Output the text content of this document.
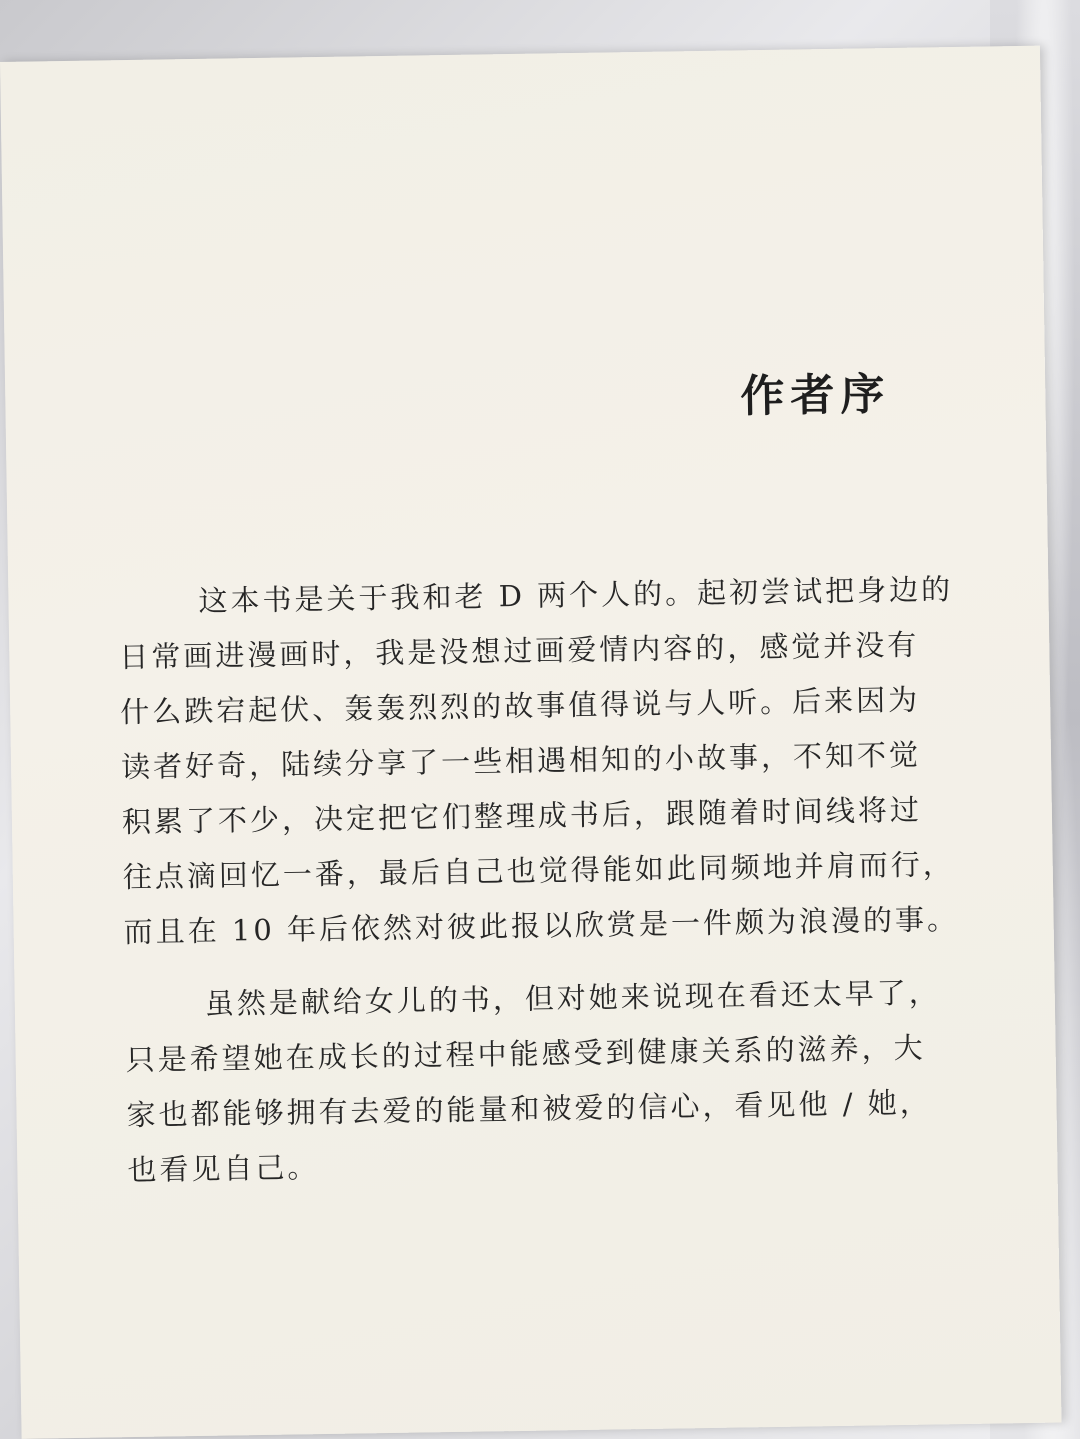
作者序
这本书是关于我和老 D 两个人的。起初尝试把身边的
日常画进漫画时，我是没想过画爱情内容的，感觉并没有
什么跌宕起伏、轰轰烈烈的故事值得说与人听。后来因为
读者好奇，陆续分享了一些相遇相知的小故事，不知不觉
积累了不少，决定把它们整理成书后，跟随着时间线将过
往点滴回忆一番，最后自己也觉得能如此同频地并肩而行，
而且在 10 年后依然对彼此报以欣赏是一件颇为浪漫的事。
虽然是献给女儿的书，但对她来说现在看还太早了，
只是希望她在成长的过程中能感受到健康关系的滋养，大
家也都能够拥有去爱的能量和被爱的信心，看见他 / 她，
也看见自己。
